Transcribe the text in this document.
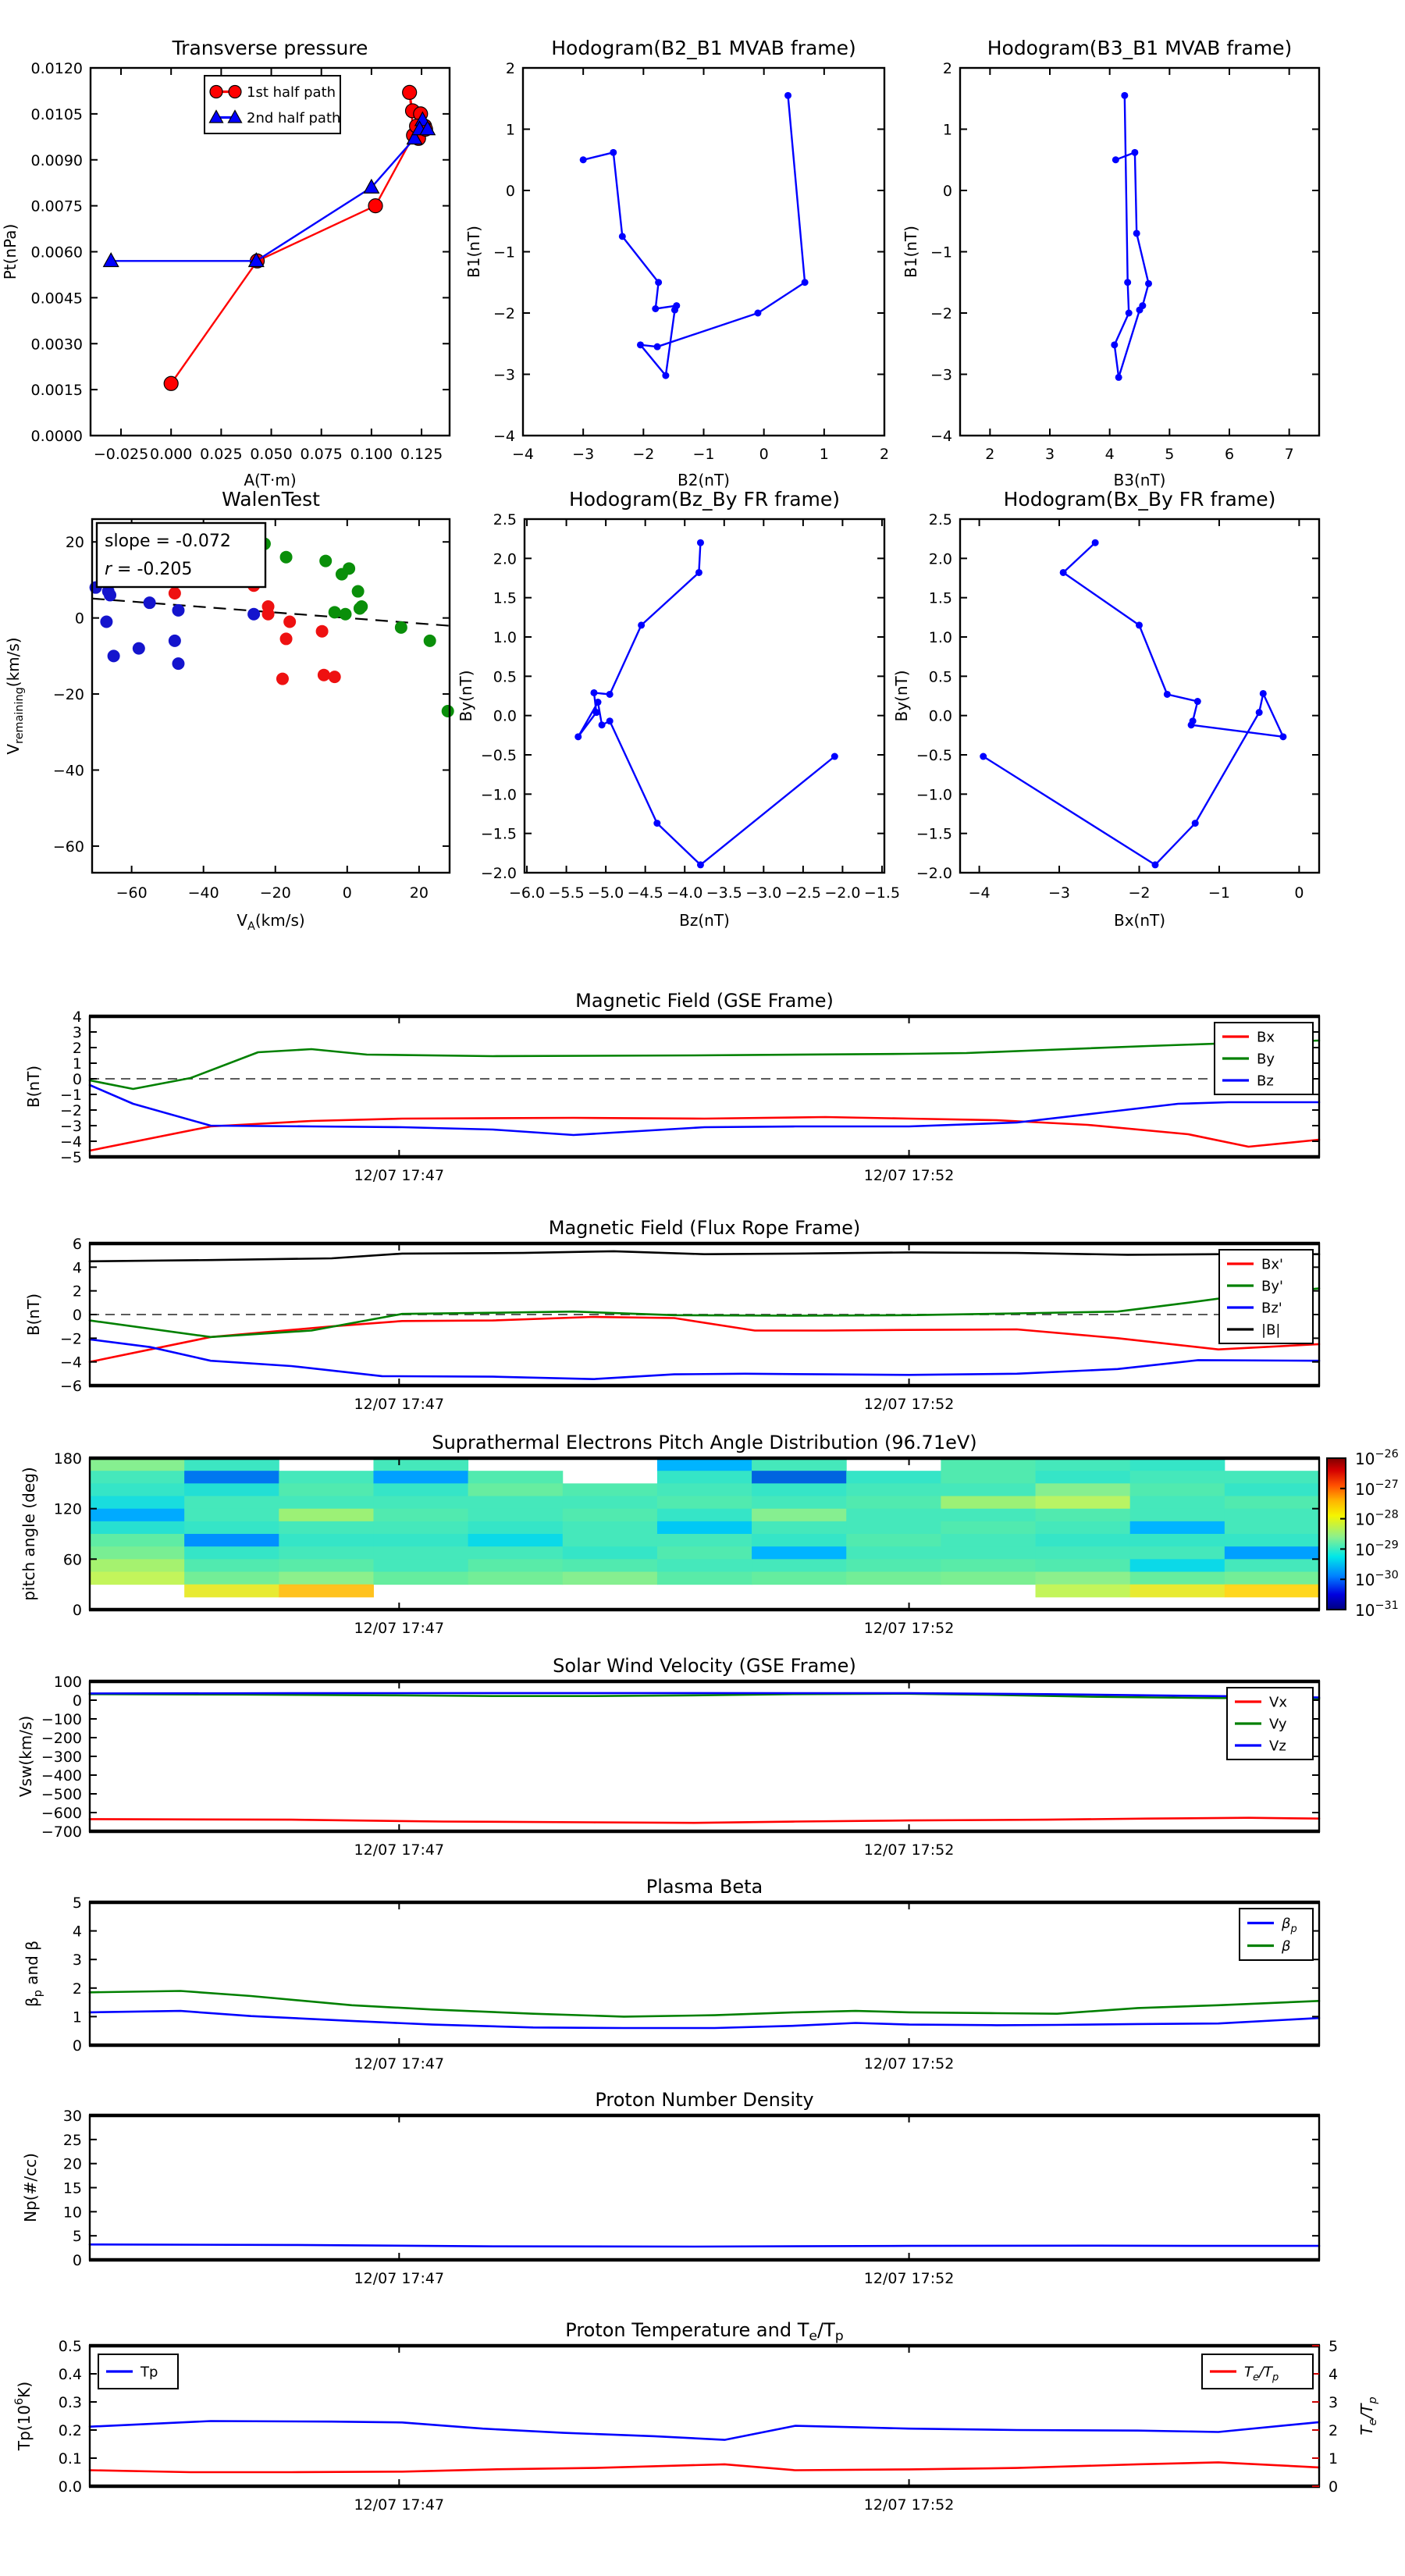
−0.025 0.000 0.025 0.050 0.075 0.100 0.125
0.0000
0.0015
0.0030
0.0045
0.0060
0.0075
0.0090
0.0105
0.0120
Transverse pressure
A(T·m)
Pt(nPa)
1st half path
2nd half path
−4	−3	−2	−1	0	1	2
−4
−3
−2
−1
0
1
2
Hodogram(B2_B1 MVAB frame)
B2(nT)
B1(nT)
2	3	4	5	6	7
−4
−3
−2
−1
0
1
2
Hodogram(B3_B1 MVAB frame)
B3(nT)
B1(nT)
−60	−40	−20	0	20
20
0
−20
−40
−60
WalenTest
$V_A(km/s)$
$V_{remaining}(km/s)$
slope = -0.072
r = -0.205
−6.0 −5.5 −5.0 −4.5 −4.0 −3.5 −3.0 −2.5 −2.0 −1.5
−2.0
−1.5
−1.0
−0.5
0.0
0.5
1.0
1.5
2.0
2.5
Hodogram(Bz_By FR frame)
Bz(nT)
By(nT)
−4	−3	−2	−1	0
−2.0
−1.5
−1.0
−0.5
0.0
0.5
1.0
1.5
2.0
2.5
Hodogram(Bx_By FR frame)
Bx(nT)
By(nT)
12/07 17:47	12/07 17:52
−5
−4
−3
−2
−1
0
1
2
3
4
Magnetic Field (GSE Frame)
B(nT)
Bx
By
Bz
12/07 17:47	12/07 17:52
−6
−4
−2
0
2
4
6
Magnetic Field (Flux Rope Frame)
B(nT)
Bx'
By'
Bz'
|B|
12/07 17:47	12/07 17:52
0
60
120
180
Suprathermal Electrons Pitch Angle Distribution (96.71eV)
pitch angle (deg)
$10^{-26}$
$10^{-27}$
$10^{-28}$
$10^{-29}$
$10^{-30}$
$10^{-31}$
12/07 17:47	12/07 17:52
−700
−600
−500
−400
−300
−200
−100
0
100
Solar Wind Velocity (GSE Frame)
Vsw(km/s)
Vx
Vy
Vz
12/07 17:47	12/07 17:52
0
1
2
3
4
5
Plasma Beta
$\beta_p$ and β
$\beta_p$
β
12/07 17:47	12/07 17:52
0
5
10
15
20
25
30
Proton Number Density
Np(#/cc)
12/07 17:47	12/07 17:52
0.0
0.1
0.2
0.3
0.4
0.5
0
1
2
3
4
5
Proton Temperature and $T_e/T_p$
$Tp(10^6K)$
$T_e/T_p$
Tp	$T_e/T_p$
